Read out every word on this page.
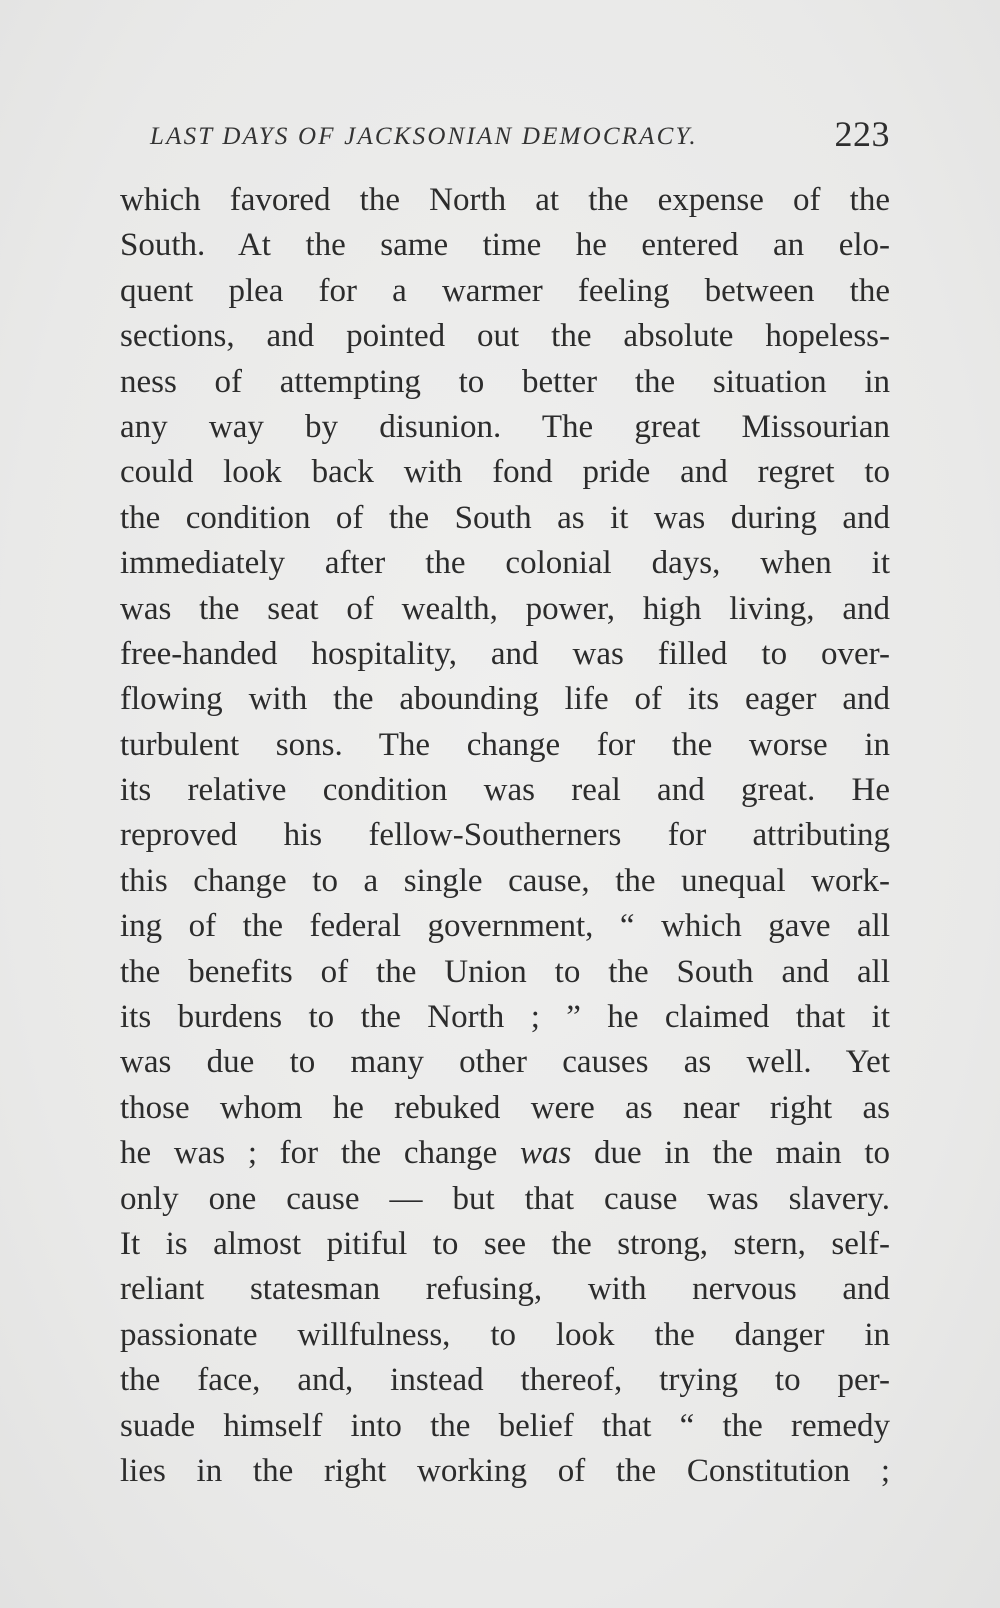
LAST DAYS OF JACKSONIAN DEMOCRACY.	223
which favored the North at the expense of the
South. At the same time he entered an elo-
quent plea for a warmer feeling between the
sections, and pointed out the absolute hopeless-
ness of attempting to better the situation in
any way by disunion. The great Missourian
could look back with fond pride and regret to
the condition of the South as it was during and
immediately after the colonial days, when it
was the seat of wealth, power, high living, and
free-handed hospitality, and was filled to over-
flowing with the abounding life of its eager and
turbulent sons. The change for the worse in
its relative condition was real and great. He
reproved his fellow-Southerners for attributing
this change to a single cause, the unequal work-
ing of the federal government, “ which gave all
the benefits of the Union to the South and all
its burdens to the North ; ” he claimed that it
was due to many other causes as well. Yet
those whom he rebuked were as near right as
he was ; for the change was due in the main to
only one cause — but that cause was slavery.
It is almost pitiful to see the strong, stern, self-
reliant statesman refusing, with nervous and
passionate willfulness, to look the danger in
the face, and, instead thereof, trying to per-
suade himself into the belief that “ the remedy
lies in the right working of the Constitution ;
